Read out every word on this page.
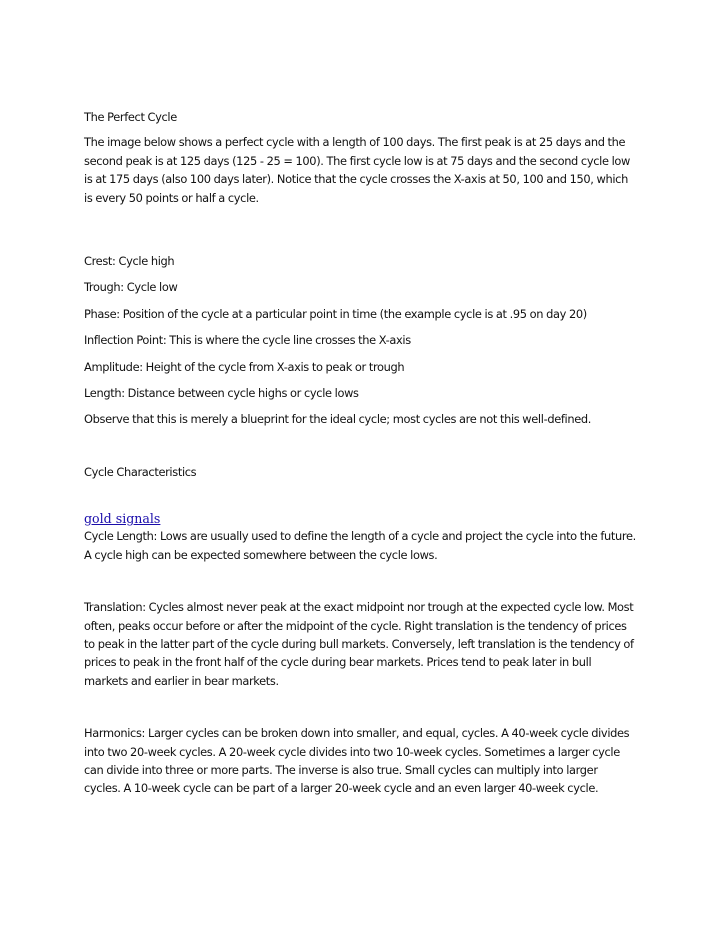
The Perfect Cycle

The image below shows a perfect cycle with a length of 100 days. The first peak is at 25 days and the second peak is at 125 days (125 - 25 = 100). The first cycle low is at 75 days and the second cycle low is at 175 days (also 100 days later). Notice that the cycle crosses the X-axis at 50, 100 and 150, which is every 50 points or half a cycle.

Crest: Cycle high

Trough: Cycle low

Phase: Position of the cycle at a particular point in time (the example cycle is at .95 on day 20)

Inflection Point: This is where the cycle line crosses the X-axis

Amplitude: Height of the cycle from X-axis to peak or trough

Length: Distance between cycle highs or cycle lows

Observe that this is merely a blueprint for the ideal cycle; most cycles are not this well-defined.

Cycle Characteristics

gold signals

Cycle Length: Lows are usually used to define the length of a cycle and project the cycle into the future. A cycle high can be expected somewhere between the cycle lows.

Translation: Cycles almost never peak at the exact midpoint nor trough at the expected cycle low. Most often, peaks occur before or after the midpoint of the cycle. Right translation is the tendency of prices to peak in the latter part of the cycle during bull markets. Conversely, left translation is the tendency of prices to peak in the front half of the cycle during bear markets. Prices tend to peak later in bull markets and earlier in bear markets.

Harmonics: Larger cycles can be broken down into smaller, and equal, cycles. A 40-week cycle divides into two 20-week cycles. A 20-week cycle divides into two 10-week cycles. Sometimes a larger cycle can divide into three or more parts. The inverse is also true. Small cycles can multiply into larger cycles. A 10-week cycle can be part of a larger 20-week cycle and an even larger 40-week cycle.
